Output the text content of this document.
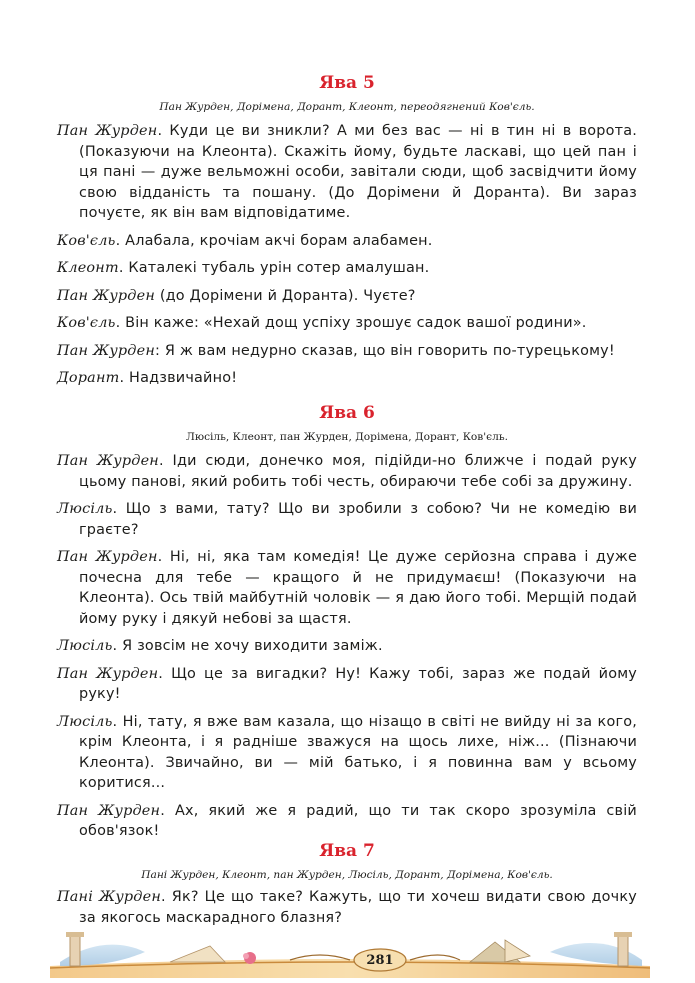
Ява 5

Пан Журден, Дорімена, Дорант, Клеонт, переодягнений Ков'єль.

Пан Журден. Куди це ви зникли? А ми без вас — ні в тин ні в ворота. (Показуючи на Клеонта). Скажіть йому, будьте ласкаві, що цей пан і ця пані — дуже вельможні особи, завітали сюди, щоб засвідчити йому свою відданість та пошану. (До Дорімени й Доранта). Ви зараз почуєте, як він вам відповідатиме.

Ков'єль. Алабала, крочіам акчі борам алабамен.

Клеонт. Каталекі тубаль урін сотер амалушан.

Пан Журден (до Дорімени й Доранта). Чуєте?

Ков'єль. Він каже: «Нехай дощ успіху зрошує садок вашої родини».

Пан Журден: Я ж вам недурно сказав, що він говорить по-турецькому!

Дорант. Надзвичайно!

Ява 6

Люсіль, Клеонт, пан Журден, Дорімена, Дорант, Ков'єль.

Пан Журден. Іди сюди, донечко моя, підійди-но ближче і подай руку цьому панові, який робить тобі честь, обираючи тебе собі за дружину.

Люсіль. Що з вами, тату? Що ви зробили з собою? Чи не комедію ви граєте?

Пан Журден. Ні, ні, яка там комедія! Це дуже серйозна справа і дуже почесна для тебе — кращого й не придумаєш! (Показуючи на Клеонта). Ось твій майбутній чоловік — я даю його тобі. Мерщій подай йому руку і дякуй небові за щастя.

Люсіль. Я зовсім не хочу виходити заміж.

Пан Журден. Що це за вигадки? Ну! Кажу тобі, зараз же подай йому руку!

Люсіль. Ні, тату, я вже вам казала, що нізащо в світі не вийду ні за кого, крім Клеонта, і я радніше зважуся на щось лихе, ніж... (Пізнаючи Клеонта). Звичайно, ви — мій батько, і я повинна вам у всьому коритися...

Пан Журден. Ах, який же я радий, що ти так скоро зрозуміла свій обов'язок!

Ява 7

Пані Журден, Клеонт, пан Журден, Люсіль, Дорант, Дорімена, Ков'єль.

Пані Журден. Як? Це що таке? Кажуть, що ти хочеш видати свою дочку за якогось маскарадного блазня?

281
